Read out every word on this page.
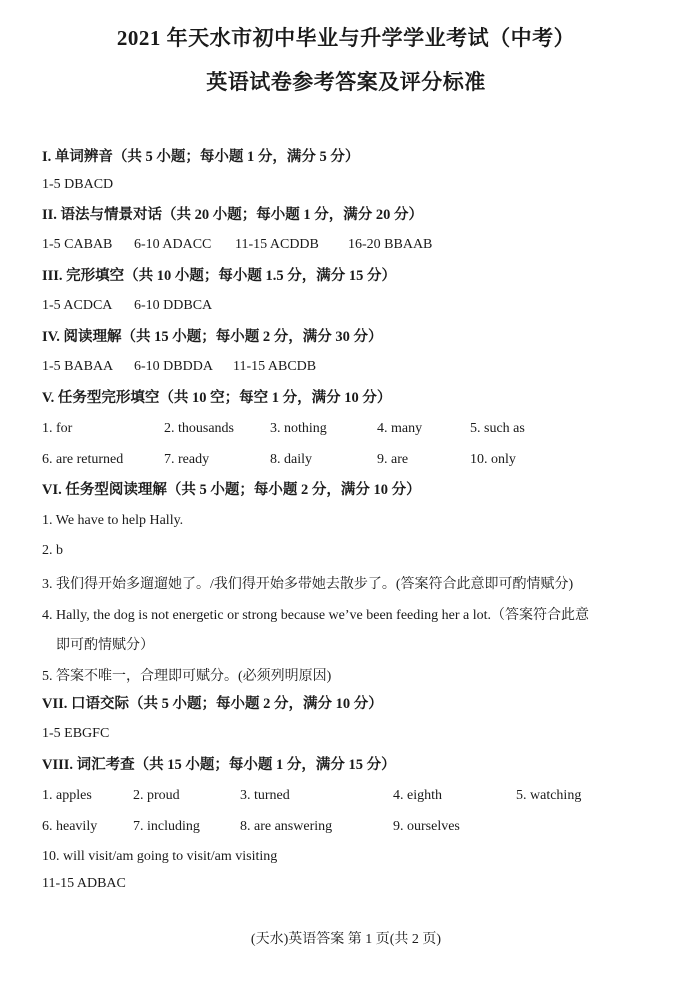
2021 年天水市初中毕业与升学学业考试（中考）
英语试卷参考答案及评分标准
I. 单词辨音（共 5 小题；每小题 1 分，满分 5 分）
1-5 DBACD
II. 语法与情景对话（共 20 小题；每小题 1 分，满分 20 分）
1-5 CABAB 6-10 ADACC 11-15 ACDDB 16-20 BBAAB
III. 完形填空（共 10 小题；每小题 1.5 分，满分 15 分）
1-5 ACDCA 6-10 DDBCA
IV. 阅读理解（共 15 小题；每小题 2 分，满分 30 分）
1-5 BABAA 6-10 DBDDA 11-15 ABCDB
V. 任务型完形填空（共 10 空；每空 1 分，满分 10 分）
1. for	2. thousands	3. nothing	4. many	5. such as
6. are returned	7. ready	8. daily	9. are	10. only
VI. 任务型阅读理解（共 5 小题；每小题 2 分，满分 10 分）
1. We have to help Hally.
2. b
3. 我们得开始多遛遛她了。/我们得开始多带她去散步了。(答案符合此意即可酌情赋分)
4. Hally, the dog is not energetic or strong because we’ve been feeding her a lot.（答案符合此意
即可酌情赋分）
5. 答案不唯一，合理即可赋分。(必须列明原因)
VII. 口语交际（共 5 小题；每小题 2 分，满分 10 分）
1-5 EBGFC
VIII. 词汇考查（共 15 小题；每小题 1 分，满分 15 分）
1. apples	2. proud	3. turned	4. eighth	5. watching
6. heavily	7. including	8. are answering	9. ourselves
10. will visit/am going to visit/am visiting
11-15 ADBAC
(天水)英语答案 第 1 页(共 2 页)
